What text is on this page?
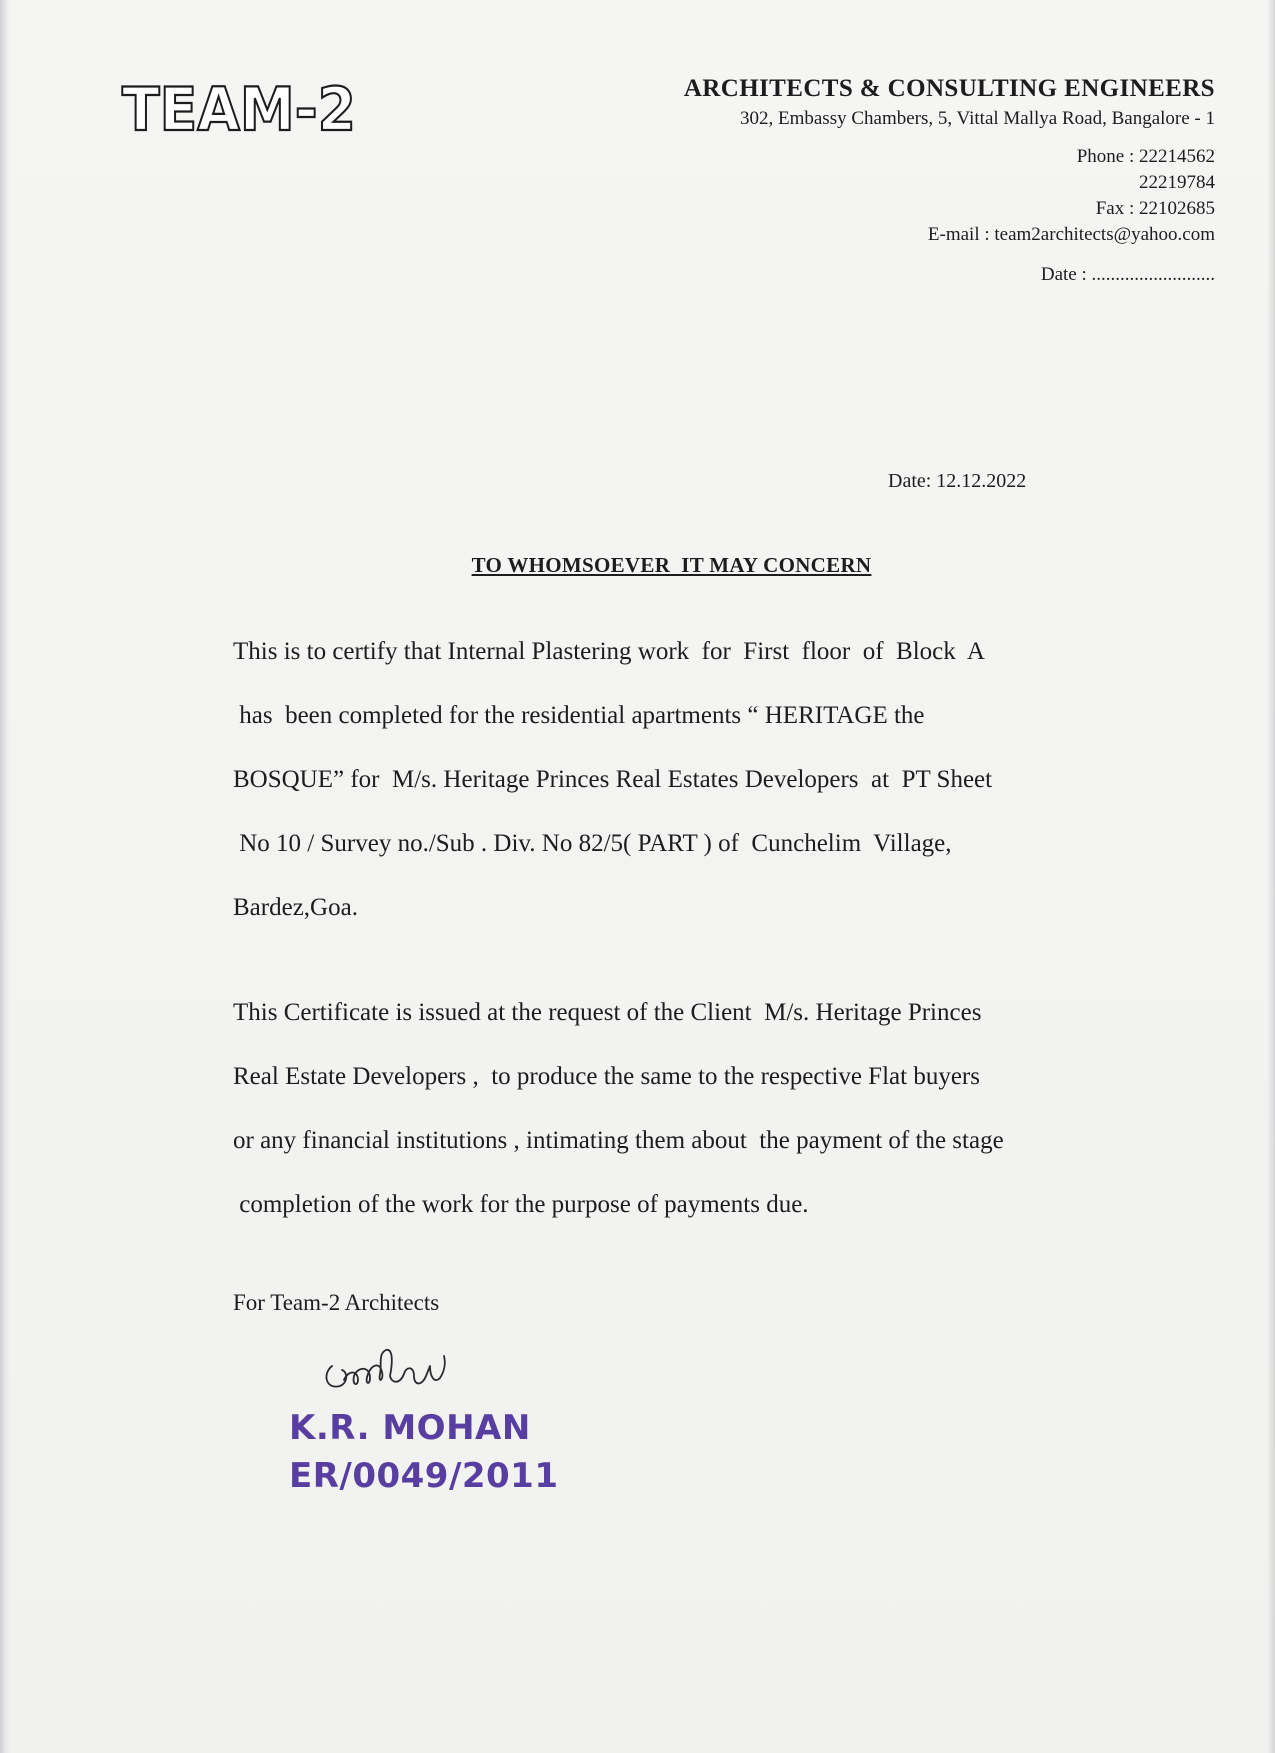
TEAM-2	ARCHITECTS & CONSULTING ENGINEERS
302, Embassy Chambers, 5, Vittal Mallya Road, Bangalore - 1
Phone : 22214562
22219784
Fax : 22102685
E-mail : team2architects@yahoo.com
Date : ..........................
Date: 12.12.2022
TO WHOMSOEVER  IT MAY CONCERN
This is to certify that Internal Plastering work  for  First  floor  of  Block  A
has  been completed for the residential apartments “ HERITAGE the
BOSQUE” for  M/s. Heritage Princes Real Estates Developers  at  PT Sheet
No 10 / Survey no./Sub . Div. No 82/5( PART ) of  Cunchelim  Village,
Bardez,Goa.
This Certificate is issued at the request of the Client  M/s. Heritage Princes
Real Estate Developers ,  to produce the same to the respective Flat buyers
or any financial institutions , intimating them about  the payment of the stage
completion of the work for the purpose of payments due.
For Team-2 Architects
K.R. MOHAN
ER/0049/2011
